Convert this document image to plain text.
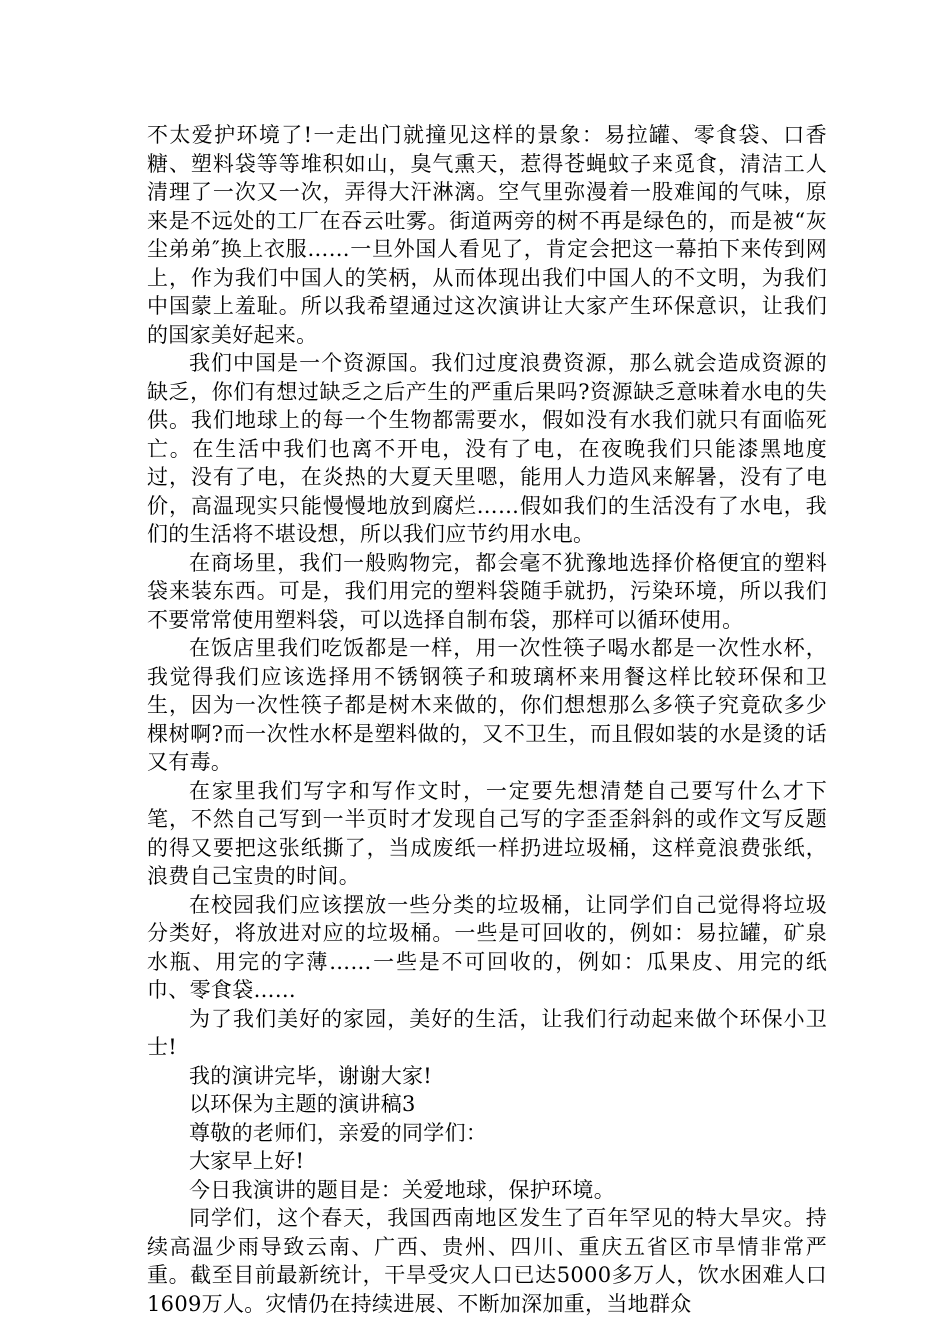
不太爱护环境了!一走出门就撞见这样的景象：易拉罐、零食袋、口香糖、塑料袋等等堆积如山，臭气熏天，惹得苍蝇蚊子来觅食，清洁工人清理了一次又一次，弄得大汗淋漓。空气里弥漫着一股难闻的气味，原来是不远处的工厂在吞云吐雾。街道两旁的树不再是绿色的，而是被“灰尘弟弟″换上衣服……一旦外国人看见了，肯定会把这一幕拍下来传到网上，作为我们中国人的笑柄，从而体现出我们中国人的不文明，为我们中国蒙上羞耻。所以我希望通过这次演讲让大家产生环保意识，让我们的国家美好起来。

我们中国是一个资源国。我们过度浪费资源，那么就会造成资源的缺乏，你们有想过缺乏之后产生的严重后果吗?资源缺乏意味着水电的失供。我们地球上的每一个生物都需要水，假如没有水我们就只有面临死亡。在生活中我们也离不开电，没有了电，在夜晚我们只能漆黑地度过，没有了电，在炎热的大夏天里嗯，能用人力造风来解暑，没有了电价，高温现实只能慢慢地放到腐烂……假如我们的生活没有了水电，我们的生活将不堪设想，所以我们应节约用水电。

在商场里，我们一般购物完，都会毫不犹豫地选择价格便宜的塑料袋来装东西。可是，我们用完的塑料袋随手就扔，污染环境，所以我们不要常常使用塑料袋，可以选择自制布袋，那样可以循环使用。

在饭店里我们吃饭都是一样，用一次性筷子喝水都是一次性水杯，我觉得我们应该选择用不锈钢筷子和玻璃杯来用餐这样比较环保和卫生，因为一次性筷子都是树木来做的，你们想想那么多筷子究竟砍多少棵树啊?而一次性水杯是塑料做的，又不卫生，而且假如装的水是烫的话又有毒。

在家里我们写字和写作文时，一定要先想清楚自己要写什么才下笔，不然自己写到一半页时才发现自己写的字歪歪斜斜的或作文写反题的得又要把这张纸撕了，当成废纸一样扔进垃圾桶，这样竟浪费张纸，浪费自己宝贵的时间。

在校园我们应该摆放一些分类的垃圾桶，让同学们自己觉得将垃圾分类好，将放进对应的垃圾桶。一些是可回收的，例如：易拉罐，矿泉水瓶、用完的字薄……一些是不可回收的，例如：瓜果皮、用完的纸巾、零食袋……

为了我们美好的家园，美好的生活，让我们行动起来做个环保小卫士!

我的演讲完毕，谢谢大家!

以环保为主题的演讲稿3

尊敬的老师们，亲爱的同学们：

大家早上好!

今日我演讲的题目是：关爱地球，保护环境。

同学们，这个春天，我国西南地区发生了百年罕见的特大旱灾。持续高温少雨导致云南、广西、贵州、四川、重庆五省区市旱情非常严重。截至目前最新统计，干旱受灾人口已达5000多万人，饮水困难人口1609万人。灾情仍在持续进展、不断加深加重，当地群众
